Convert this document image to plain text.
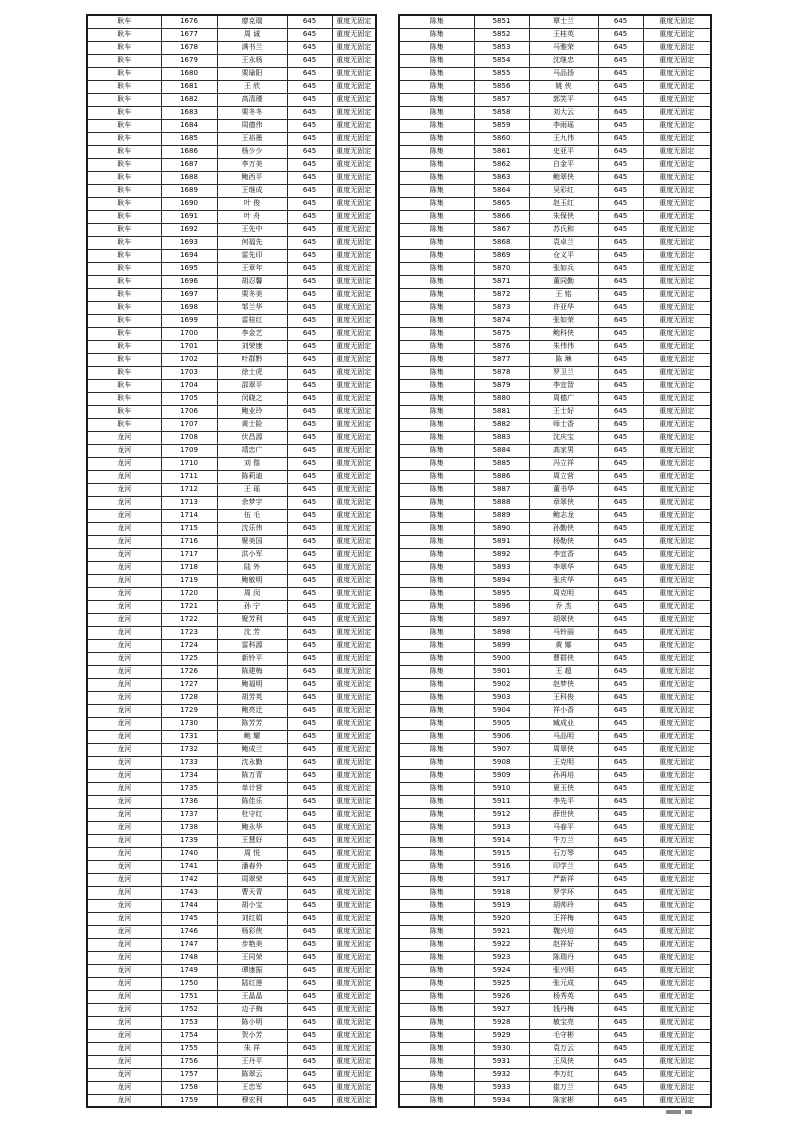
耿车	1676	廖克瑞	645	重度无固定
耿车	1677	周 诚	645	重度无固定
耿车	1678	满书兰	645	重度无固定
耿车	1679	王永杨	645	重度无固定
耿车	1680	栗瑜阳	645	重度无固定
耿车	1681	王 欣	645	重度无固定
耿车	1682	高清瑾	645	重度无固定
耿车	1683	栗冬冬	645	重度无固定
耿车	1684	周德伟	645	重度无固定
耿车	1685	王裕墨	645	重度无固定
耿车	1686	杨少少	645	重度无固定
耿车	1687	李万美	645	重度无固定
耿车	1688	鲍西平	645	重度无固定
耿车	1689	王继成	645	重度无固定
耿车	1690	叶 俊	645	重度无固定
耿车	1691	叶 舟	645	重度无固定
耿车	1692	王先中	645	重度无固定
耿车	1693	何福先	645	重度无固定
耿车	1694	雷先印	645	重度无固定
耿车	1695	王章年	645	重度无固定
耿车	1696	胡忍馨	645	重度无固定
耿车	1697	栗冬美	645	重度无固定
耿车	1698	邹兰华	645	重度无固定
耿车	1699	雷桂红	645	重度无固定
耿车	1700	李金艺	645	重度无固定
耿车	1701	刘荣康	645	重度无固定
耿车	1702	叶群黔	645	重度无固定
耿车	1703	徐士虎	645	重度无固定
耿车	1704	邵翠平	645	重度无固定
耿车	1705	闵晓之	645	重度无固定
耿车	1706	鲍业玲	645	重度无固定
耿车	1707	黄士险	645	重度无固定
龙河	1708	伏昌源	645	重度无固定
龙河	1709	靖忠广	645	重度无固定
龙河	1710	刘 偕	645	重度无固定
龙河	1711	陈莉迪	645	重度无固定
龙河	1712	王 瑶	645	重度无固定
龙河	1713	余梦宇	645	重度无固定
龙河	1714	伍 毛	645	重度无固定
龙河	1715	沈乐伟	645	重度无固定
龙河	1716	聚美国	645	重度无固定
龙河	1717	洪小军	645	重度无固定
龙河	1718	陆 外	645	重度无固定
龙河	1719	鲍敏明	645	重度无固定
龙河	1720	周 闵	645	重度无固定
龙河	1721	孙 宁	645	重度无固定
龙河	1722	聚芳利	645	重度无固定
龙河	1723	沈 芳	645	重度无固定
龙河	1724	雷科源	645	重度无固定
龙河	1725	新铃平	645	重度无固定
龙河	1726	陈建梅	645	重度无固定
龙河	1727	鲍福明	645	重度无固定
龙河	1728	胡芳英	645	重度无固定
龙河	1729	鲍亮迁	645	重度无固定
龙河	1730	陈芳芳	645	重度无固定
龙河	1731	鲍 耀	645	重度无固定
龙河	1732	鲍成兰	645	重度无固定
龙河	1733	沈永勤	645	重度无固定
龙河	1734	陈万青	645	重度无固定
龙河	1735	单计营	645	重度无固定
龙河	1736	陈佳乐	645	重度无固定
龙河	1737	杜守红	645	重度无固定
龙河	1738	鲍永华	645	重度无固定
龙河	1739	王慧好	645	重度无固定
龙河	1740	周 悦	645	重度无固定
龙河	1741	潘春外	645	重度无固定
龙河	1742	周翠荣	645	重度无固定
龙河	1743	曹天青	645	重度无固定
龙河	1744	胡小宝	645	重度无固定
龙河	1745	刘红娟	645	重度无固定
龙河	1746	杨彩侠	645	重度无固定
龙河	1747	步艳美	645	重度无固定
龙河	1748	王同荣	645	重度无固定
龙河	1749	谭康振	645	重度无固定
龙河	1750	陆红莲	645	重度无固定
龙河	1751	王晶晶	645	重度无固定
龙河	1752	边子梅	645	重度无固定
龙河	1753	陈小明	645	重度无固定
龙河	1754	贺小芳	645	重度无固定
龙河	1755	朱 祥	645	重度无固定
龙河	1756	王丹平	645	重度无固定
龙河	1757	陈翠云	645	重度无固定
龙河	1758	王忠军	645	重度无固定
龙河	1759	穆宏利	645	重度无固定
陈集	5851	覃士兰	645	重度无固定
陈集	5852	王桂英	645	重度无固定
陈集	5853	马雅荣	645	重度无固定
陈集	5854	沈继忠	645	重度无固定
陈集	5855	马品扬	645	重度无固定
陈集	5856	姚 侠	645	重度无固定
陈集	5857	郭笑平	645	重度无固定
陈集	5858	刘大云	645	重度无固定
陈集	5859	李雨瑶	645	重度无固定
陈集	5860	王九伟	645	重度无固定
陈集	5861	史亚平	645	重度无固定
陈集	5862	白金平	645	重度无固定
陈集	5863	鲍翠侠	645	重度无固定
陈集	5864	吴彩红	645	重度无固定
陈集	5865	赵玉红	645	重度无固定
陈集	5866	朱保侠	645	重度无固定
陈集	5867	苏氏和	645	重度无固定
陈集	5868	袁卓兰	645	重度无固定
陈集	5869	仓义平	645	重度无固定
陈集	5870	张如兵	645	重度无固定
陈集	5871	董同勤	645	重度无固定
陈集	5872	王 铭	645	重度无固定
陈集	5873	许亚华	645	重度无固定
陈集	5874	张如荣	645	重度无固定
陈集	5875	鲍科侠	645	重度无固定
陈集	5876	朱伟伟	645	重度无固定
陈集	5877	陈 琳	645	重度无固定
陈集	5878	罗卫兰	645	重度无固定
陈集	5879	李宜智	645	重度无固定
陈集	5880	周德广	645	重度无固定
陈集	5881	王士好	645	重度无固定
陈集	5882	师士香	645	重度无固定
陈集	5883	沈庆宝	645	重度无固定
陈集	5884	高家男	645	重度无固定
陈集	5885	冯立祥	645	重度无固定
陈集	5886	周立营	645	重度无固定
陈集	5887	董书华	645	重度无固定
陈集	5888	章翠侠	645	重度无固定
陈集	5889	鲍志龙	645	重度无固定
陈集	5890	孙勤侠	645	重度无固定
陈集	5891	杨勒侠	645	重度无固定
陈集	5892	李宜香	645	重度无固定
陈集	5893	李翠华	645	重度无固定
陈集	5894	张庆华	645	重度无固定
陈集	5895	周克明	645	重度无固定
陈集	5896	乔 杰	645	重度无固定
陈集	5897	胡翠侠	645	重度无固定
陈集	5898	马铃丽	645	重度无固定
陈集	5899	黄 娜	645	重度无固定
陈集	5900	曹群侠	645	重度无固定
陈集	5901	王 超	645	重度无固定
陈集	5902	赵梦侠	645	重度无固定
陈集	5903	王科俊	645	重度无固定
陈集	5904	祥小香	645	重度无固定
陈集	5905	臧成业	645	重度无固定
陈集	5906	马品明	645	重度无固定
陈集	5907	周翠侠	645	重度无固定
陈集	5908	王克明	645	重度无固定
陈集	5909	孙再培	645	重度无固定
陈集	5910	夏玉侠	645	重度无固定
陈集	5911	李先平	645	重度无固定
陈集	5912	薛世侠	645	重度无固定
陈集	5913	马春平	645	重度无固定
陈集	5914	牛万兰	645	重度无固定
陈集	5915	石万琴	645	重度无固定
陈集	5916	印学兰	645	重度无固定
陈集	5917	严新祥	645	重度无固定
陈集	5918	罗学环	645	重度无固定
陈集	5919	胡帅玲	645	重度无固定
陈集	5920	王祥梅	645	重度无固定
陈集	5921	魏兴培	645	重度无固定
陈集	5922	赵祥好	645	重度无固定
陈集	5923	陈瑞丹	645	重度无固定
陈集	5924	张兴明	645	重度无固定
陈集	5925	张元成	645	重度无固定
陈集	5926	杨秀英	645	重度无固定
陈集	5927	钱丹梅	645	重度无固定
陈集	5928	敏宝亮	645	重度无固定
陈集	5929	毛守彬	645	重度无固定
陈集	5930	袁万云	645	重度无固定
陈集	5931	王凤侠	645	重度无固定
陈集	5932	李万红	645	重度无固定
陈集	5933	崔万兰	645	重度无固定
陈集	5934	陈家彬	645	重度无固定
